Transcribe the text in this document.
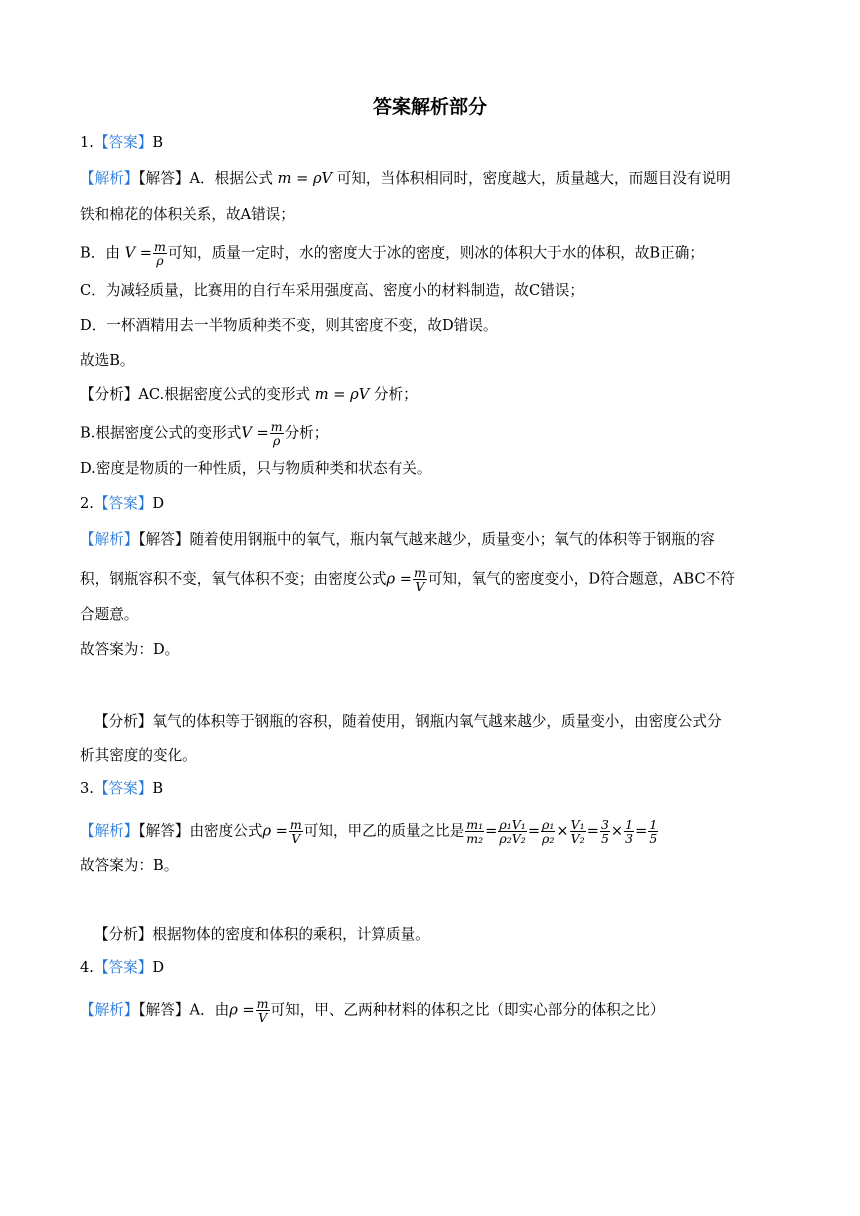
答案解析部分
1.【答案】B
【解析】【解答】A．根据公式 m = ρV 可知，当体积相同时，密度越大，质量越大，而题目没有说明
铁和棉花的体积关系，故A错误；
B．由 $V = \frac{m}{\rho}$ 可知，质量一定时，水的密度大于冰的密度，则冰的体积大于水的体积，故B正确；
C．为减轻质量，比赛用的自行车采用强度高、密度小的材料制造，故C错误；
D．一杯酒精用去一半物质种类不变，则其密度不变，故D错误。
故选B。
【分析】AC.根据密度公式的变形式 m = ρV 分析；
B.根据密度公式的变形式$V = \frac{m}{\rho}$ 分析；
D.密度是物质的一种性质，只与物质种类和状态有关。
2.【答案】D
【解析】【解答】随着使用钢瓶中的氧气，瓶内氧气越来越少，质量变小；氧气的体积等于钢瓶的容
积，钢瓶容积不变，氧气体积不变；由密度公式$\rho = \frac{m}{V}$ 可知，氧气的密度变小，D符合题意，ABC不符
合题意。
故答案为：D。
【分析】氧气的体积等于钢瓶的容积，随着使用，钢瓶内氧气越来越少，质量变小，由密度公式分
析其密度的变化。
3.【答案】B
【解析】【解答】由密度公式$\rho = \frac{m}{V}$ 可知，甲乙的质量之比是 $\frac{\text{m₁}}{\text{m₂}} = \frac{\text{ρ₁V₁}}{\text{ρ₂V₂}} = \frac{\text{ρ₁}}{\text{ρ₂}} \times \frac{\text{V₁}}{\text{V₂}} = \frac{3}{5} \times \frac{1}{3} = \frac{1}{5}$
故答案为：B。
【分析】根据物体的密度和体积的乘积，计算质量。
4.【答案】D
【解析】【解答】A．由$\rho = \frac{m}{V}$ 可知，甲、乙两种材料的体积之比（即实心部分的体积之比）
